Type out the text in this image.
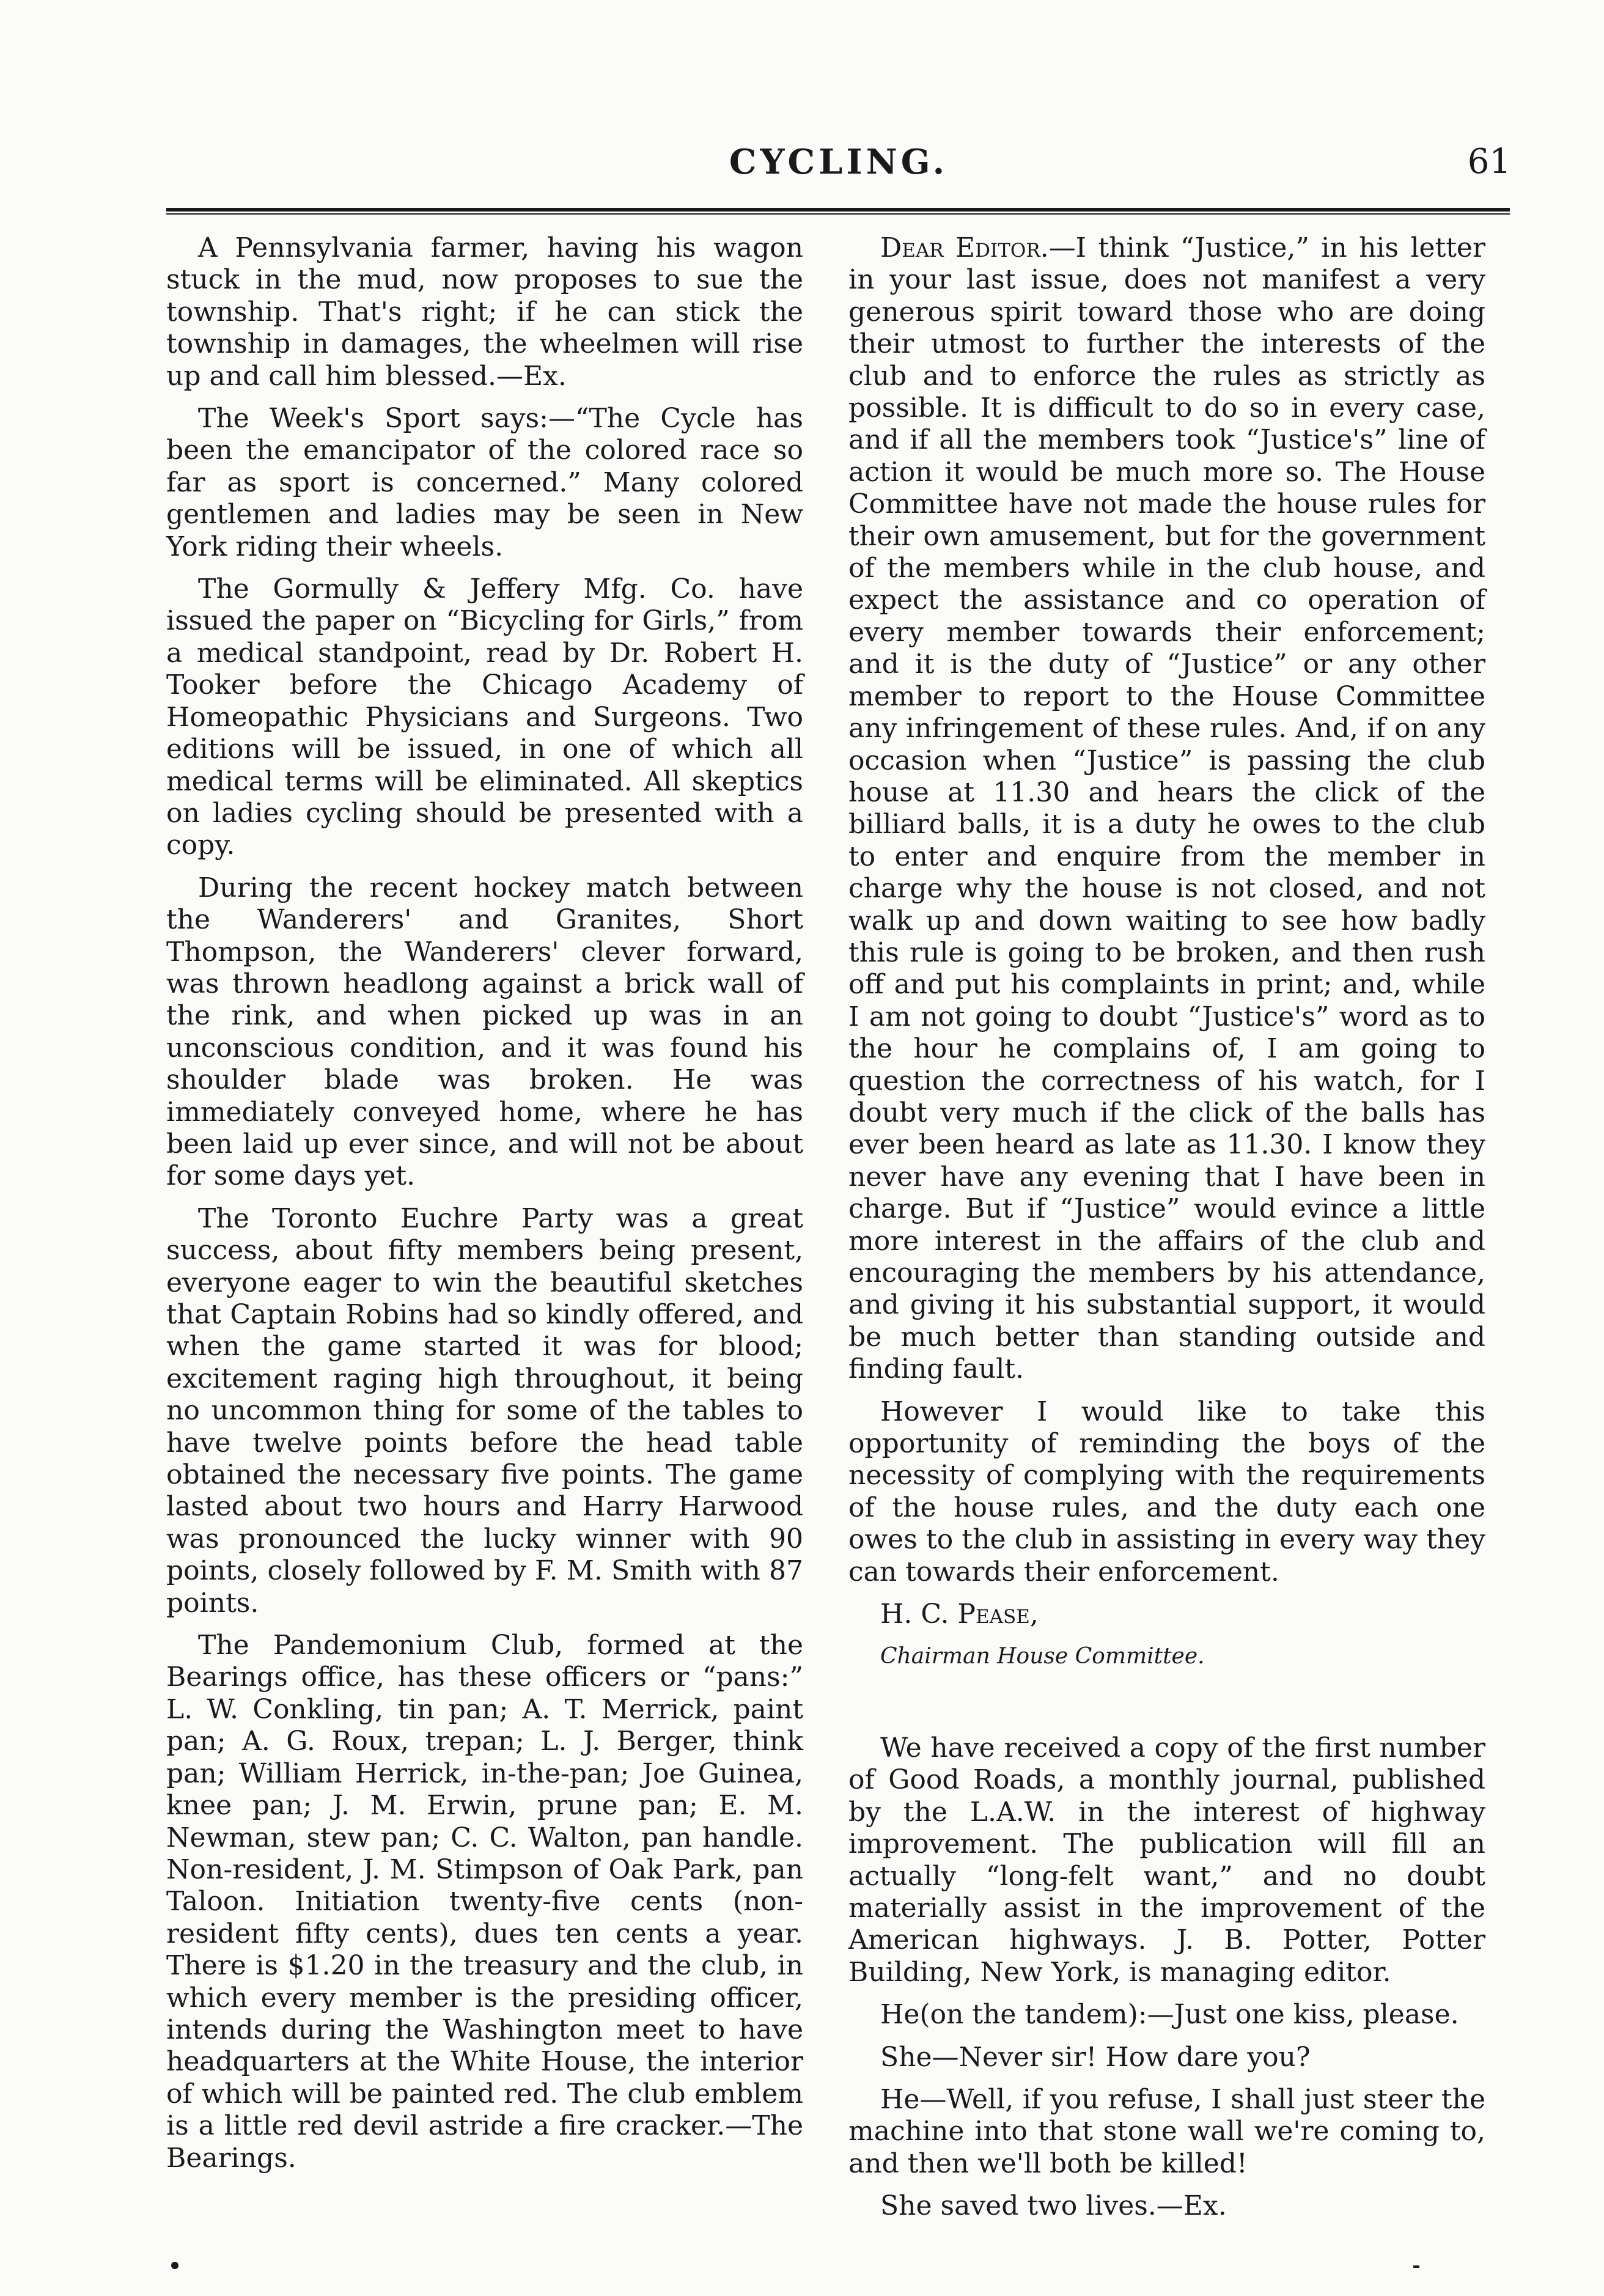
CYCLING.	61

A Pennsylvania farmer, having his wagon stuck in the mud, now proposes to sue the township. That's right; if he can stick the township in damages, the wheelmen will rise up and call him blessed.—Ex.

The Week's Sport says:—“The Cycle has been the emancipator of the colored race so far as sport is concerned.” Many colored gentlemen and ladies may be seen in New York riding their wheels.

The Gormully & Jeffery Mfg. Co. have issued the paper on “Bicycling for Girls,” from a medical standpoint, read by Dr. Robert H. Tooker before the Chicago Academy of Homeopathic Physicians and Surgeons. Two editions will be issued, in one of which all medical terms will be eliminated. All skeptics on ladies cycling should be presented with a copy.

During the recent hockey match between the Wanderers' and Granites, Short Thompson, the Wanderers' clever forward, was thrown headlong against a brick wall of the rink, and when picked up was in an unconscious condition, and it was found his shoulder blade was broken. He was immediately conveyed home, where he has been laid up ever since, and will not be about for some days yet.

The Toronto Euchre Party was a great success, about fifty members being present, everyone eager to win the beautiful sketches that Captain Robins had so kindly offered, and when the game started it was for blood; excitement raging high throughout, it being no uncommon thing for some of the tables to have twelve points before the head table obtained the necessary five points. The game lasted about two hours and Harry Harwood was pronounced the lucky winner with 90 points, closely followed by F. M. Smith with 87 points.

The Pandemonium Club, formed at the Bearings office, has these officers or “pans:” L. W. Conkling, tin pan; A. T. Merrick, paint pan; A. G. Roux, trepan; L. J. Berger, think pan; William Herrick, in-the-pan; Joe Guinea, knee pan; J. M. Erwin, prune pan; E. M. Newman, stew pan; C. C. Walton, pan handle. Non-resident, J. M. Stimpson of Oak Park, pan Taloon. Initiation twenty-five cents (non-resident fifty cents), dues ten cents a year. There is $1.20 in the treasury and the club, in which every member is the presiding officer, intends during the Washington meet to have headquarters at the White House, the interior of which will be painted red. The club emblem is a little red devil astride a fire cracker.—The Bearings.

Dear Editor.—I think “Justice,” in his letter in your last issue, does not manifest a very generous spirit toward those who are doing their utmost to further the interests of the club and to enforce the rules as strictly as possible. It is difficult to do so in every case, and if all the members took “Justice's” line of action it would be much more so. The House Committee have not made the house rules for their own amusement, but for the government of the members while in the club house, and expect the assistance and co operation of every member towards their enforcement; and it is the duty of “Justice” or any other member to report to the House Committee any infringement of these rules. And, if on any occasion when “Justice” is passing the club house at 11.30 and hears the click of the billiard balls, it is a duty he owes to the club to enter and enquire from the member in charge why the house is not closed, and not walk up and down waiting to see how badly this rule is going to be broken, and then rush off and put his complaints in print; and, while I am not going to doubt “Justice's” word as to the hour he complains of, I am going to question the correctness of his watch, for I doubt very much if the click of the balls has ever been heard as late as 11.30. I know they never have any evening that I have been in charge. But if “Justice” would evince a little more interest in the affairs of the club and encouraging the members by his attendance, and giving it his substantial support, it would be much better than standing outside and finding fault.

However I would like to take this opportunity of reminding the boys of the necessity of complying with the requirements of the house rules, and the duty each one owes to the club in assisting in every way they can towards their enforcement.

H. C. Pease,

Chairman House Committee.

We have received a copy of the first number of Good Roads, a monthly journal, published by the L.A.W. in the interest of highway improvement. The publication will fill an actually “long-felt want,” and no doubt materially assist in the improvement of the American highways. J. B. Potter, Potter Building, New York, is managing editor.

He(on the tandem):—Just one kiss, please.

She—Never sir! How dare you?

He—Well, if you refuse, I shall just steer the machine into that stone wall we're coming to, and then we'll both be killed!

She saved two lives.—Ex.
